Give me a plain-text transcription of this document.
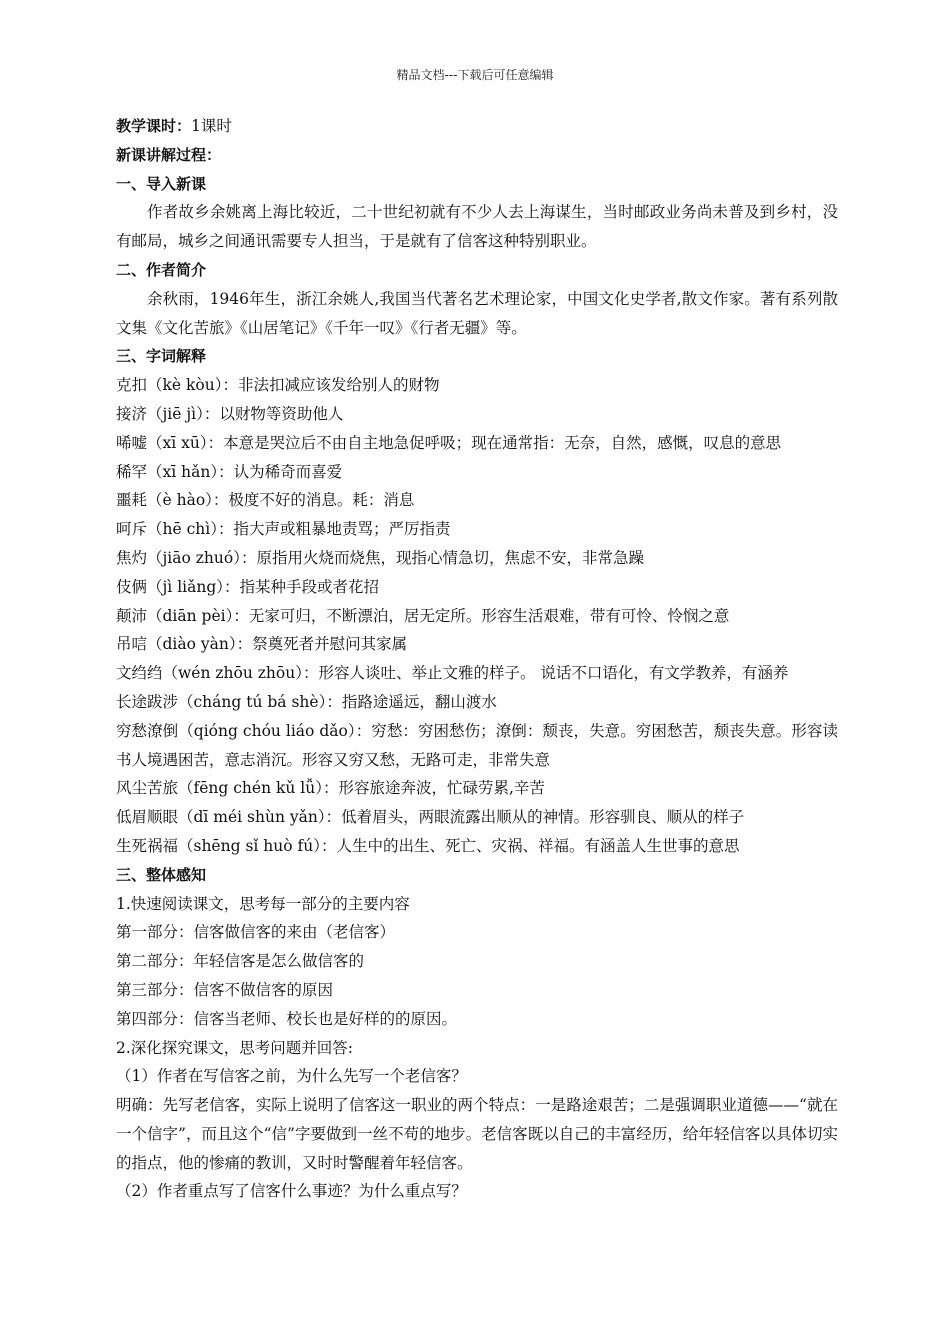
精品文档---下载后可任意编辑
教学课时：1课时
新课讲解过程：
一、导入新课
作者故乡余姚离上海比较近，二十世纪初就有不少人去上海谋生，当时邮政业务尚未普及到乡村，没有邮局，城乡之间通讯需要专人担当，于是就有了信客这种特别职业。
二、作者简介
余秋雨，1946年生，浙江余姚人,我国当代著名艺术理论家，中国文化史学者,散文作家。著有系列散文集《文化苦旅》《山居笔记》《千年一叹》《行者无疆》等。
三、字词解释
克扣（kè kòu）：非法扣减应该发给别人的财物
接济（jiē jì）：以财物等资助他人
唏嘘（xī xū）：本意是哭泣后不由自主地急促呼吸；现在通常指：无奈，自然，感慨，叹息的意思
稀罕（xī hǎn）：认为稀奇而喜爱
噩耗（è hào）：极度不好的消息。耗：消息
呵斥（hē chì）：指大声或粗暴地责骂；严厉指责
焦灼（jiāo zhuó）：原指用火烧而烧焦，现指心情急切，焦虑不安，非常急躁
伎俩（jì liǎng）：指某种手段或者花招
颠沛（diān pèi）：无家可归，不断漂泊，居无定所。形容生活艰难，带有可怜、怜悯之意
吊唁（diào yàn）：祭奠死者并慰问其家属
文绉绉（wén zhōu zhōu）：形容人谈吐、举止文雅的样子。 说话不口语化，有文学教养，有涵养
长途跋涉（cháng tú bá shè）：指路途遥远，翻山渡水
穷愁潦倒（qióng chóu liáo dǎo）：穷愁：穷困愁伤；潦倒：颓丧，失意。穷困愁苦，颓丧失意。形容读书人境遇困苦，意志消沉。形容又穷又愁，无路可走，非常失意
风尘苦旅（fēng chén kǔ lǚ）：形容旅途奔波，忙碌劳累,辛苦
低眉顺眼（dī méi shùn yǎn）：低着眉头，两眼流露出顺从的神情。形容驯良、顺从的样子
生死祸福（shēng sǐ huò fú）：人生中的出生、死亡、灾祸、祥福。有涵盖人生世事的意思
三、整体感知
1.快速阅读课文，思考每一部分的主要内容
第一部分：信客做信客的来由（老信客）
第二部分：年轻信客是怎么做信客的
第三部分：信客不做信客的原因
第四部分：信客当老师、校长也是好样的的原因。
2.深化探究课文，思考问题并回答:
（1）作者在写信客之前，为什么先写一个老信客？
明确：先写老信客，实际上说明了信客这一职业的两个特点：一是路途艰苦；二是强调职业道德——“就在一个信字”，而且这个“信”字要做到一丝不苟的地步。老信客既以自己的丰富经历，给年轻信客以具体切实的指点，他的惨痛的教训，又时时警醒着年轻信客。
（2）作者重点写了信客什么事迹？为什么重点写？
